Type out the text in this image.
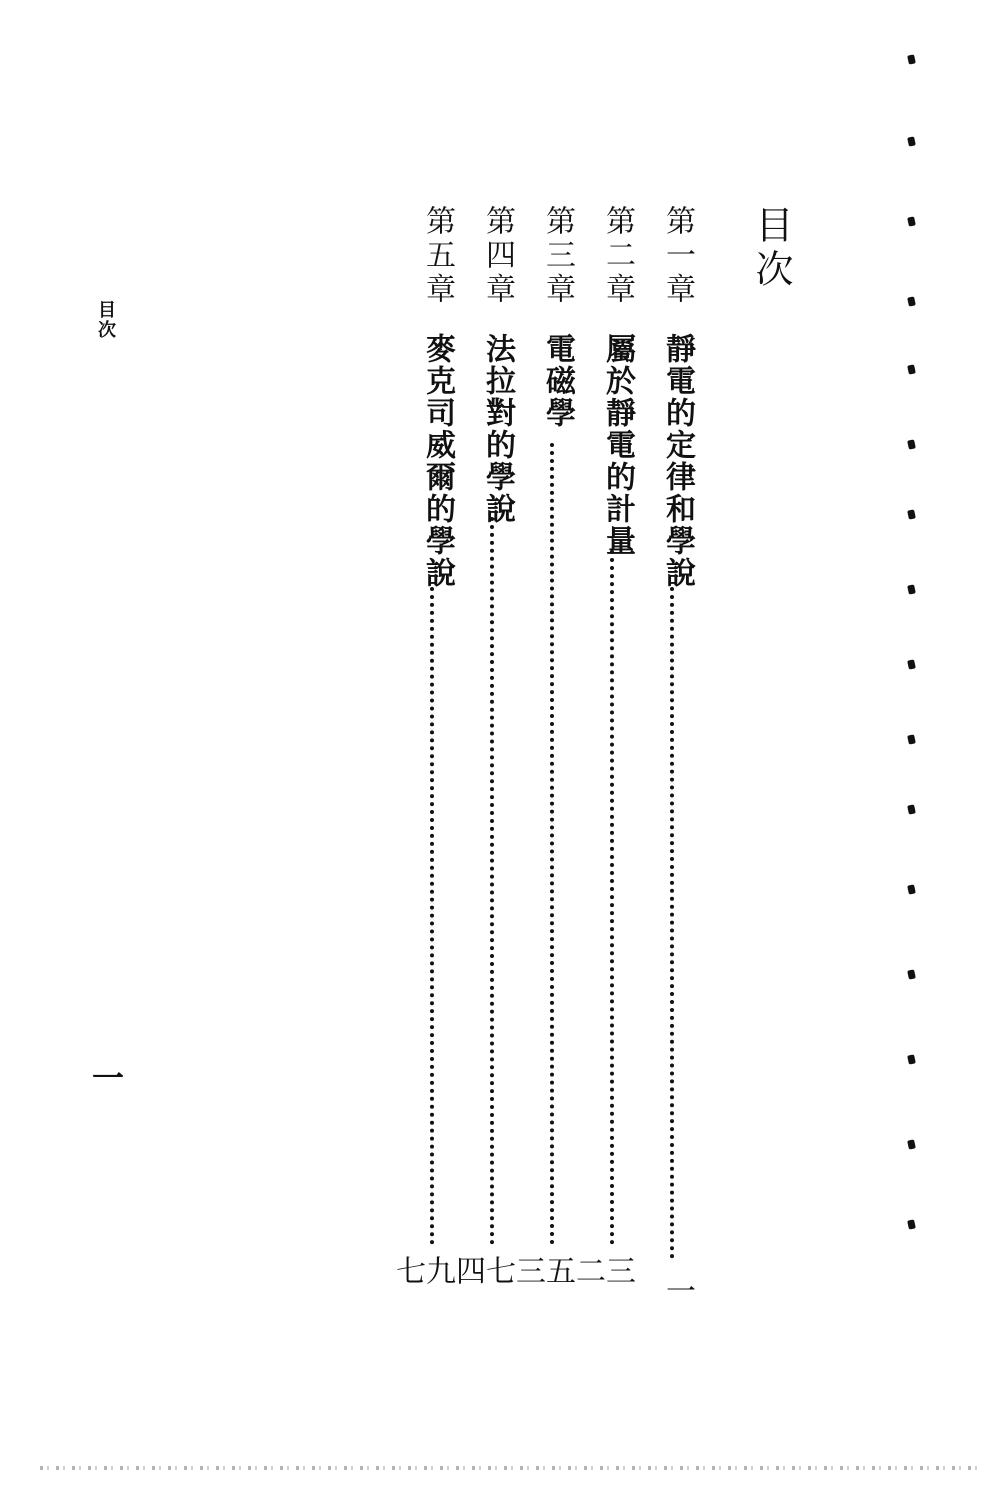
目次
第一章
靜電的定律和學說
一
第二章
屬於靜電的計量
三二
第三章
電磁學
五三
第四章
法拉對的學說
七四
第五章
麥克司威爾的學說
九七
目次
一
